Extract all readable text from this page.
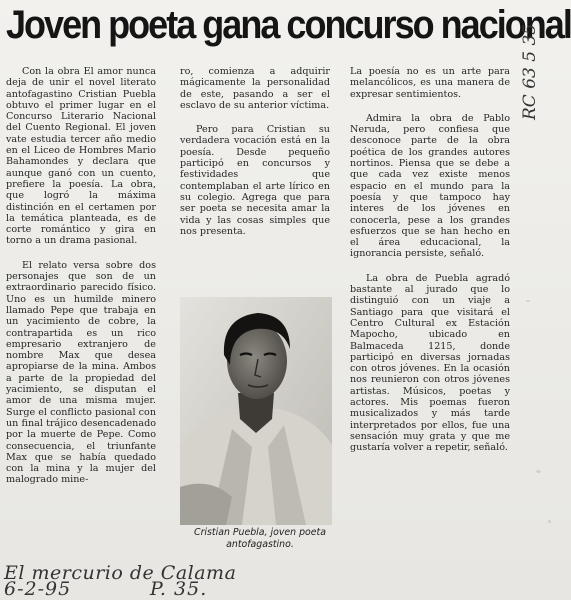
Joven poeta gana concurso nacional

Con la obra El amor nunca deja de unir el novel literato antofagastino Cristian Puebla obtuvo el primer lugar en el Concurso Literario Nacional del Cuento Regional. El joven vate estudia tercer año medio en el Liceo de Hombres Mario Bahamondes y declara que aunque ganó con un cuento, prefiere la poesía. La obra, que logró la máxima distinción en el certamen por la temática planteada, es de corte romántico y gira en torno a un drama pasional.

El relato versa sobre dos personajes que son de un extraordinario parecido físico. Uno es un humilde minero llamado Pepe que trabaja en un yacimiento de cobre, la contrapartida es un rico empresario extranjero de nombre Max que desea apropiarse de la mina. Ambos a parte de la propiedad del yacimiento, se disputan el amor de una misma mujer. Surge el conflicto pasional con un final trájico desencadenado por la muerte de Pepe. Como consecuencia, el triunfante Max que se había quedado con la mina y la mujer del malogrado mine-

ro, comienza a adquirir mágicamente la personalidad de este, pasando a ser el esclavo de su anterior víctima.

Pero para Cristian su verdadera vocación está en la poesía. Desde pequeño participó en concursos y festividades que contemplaban el arte lírico en su colegio. Agrega que para ser poeta se necesita amar la vida y las cosas simples que nos presenta.

Cristian Puebla, joven poeta antofagastino.

La poesía no es un arte para melancólicos, es una manera de expresar sentimientos.

Admira la obra de Pablo Neruda, pero confiesa que desconoce parte de la obra poética de los grandes autores nortinos. Piensa que se debe a que cada vez existe menos espacio en el mundo para la poesía y que tampoco hay interes de los jóvenes en conocerla, pese a los grandes esfuerzos que se han hecho en el área educacional, la ignorancia persiste, señaló.

La obra de Puebla agradó bastante al jurado que lo distinguió con un viaje a Santiago para que visitará el Centro Cultural ex Estación Mapocho, ubicado en Balmaceda 1215, donde participó en diversas jornadas con otros jóvenes. En la ocasión nos reunieron con otros jóvenes artistas. Músicos, poetas y actores. Mis poemas fueron musicalizados y más tarde interpretados por ellos, fue una sensación muy grata y que me gustaría volver a repetir, señaló.

El mercurio de Calama
6-2-95	P. 35.
RC 63 5 35
